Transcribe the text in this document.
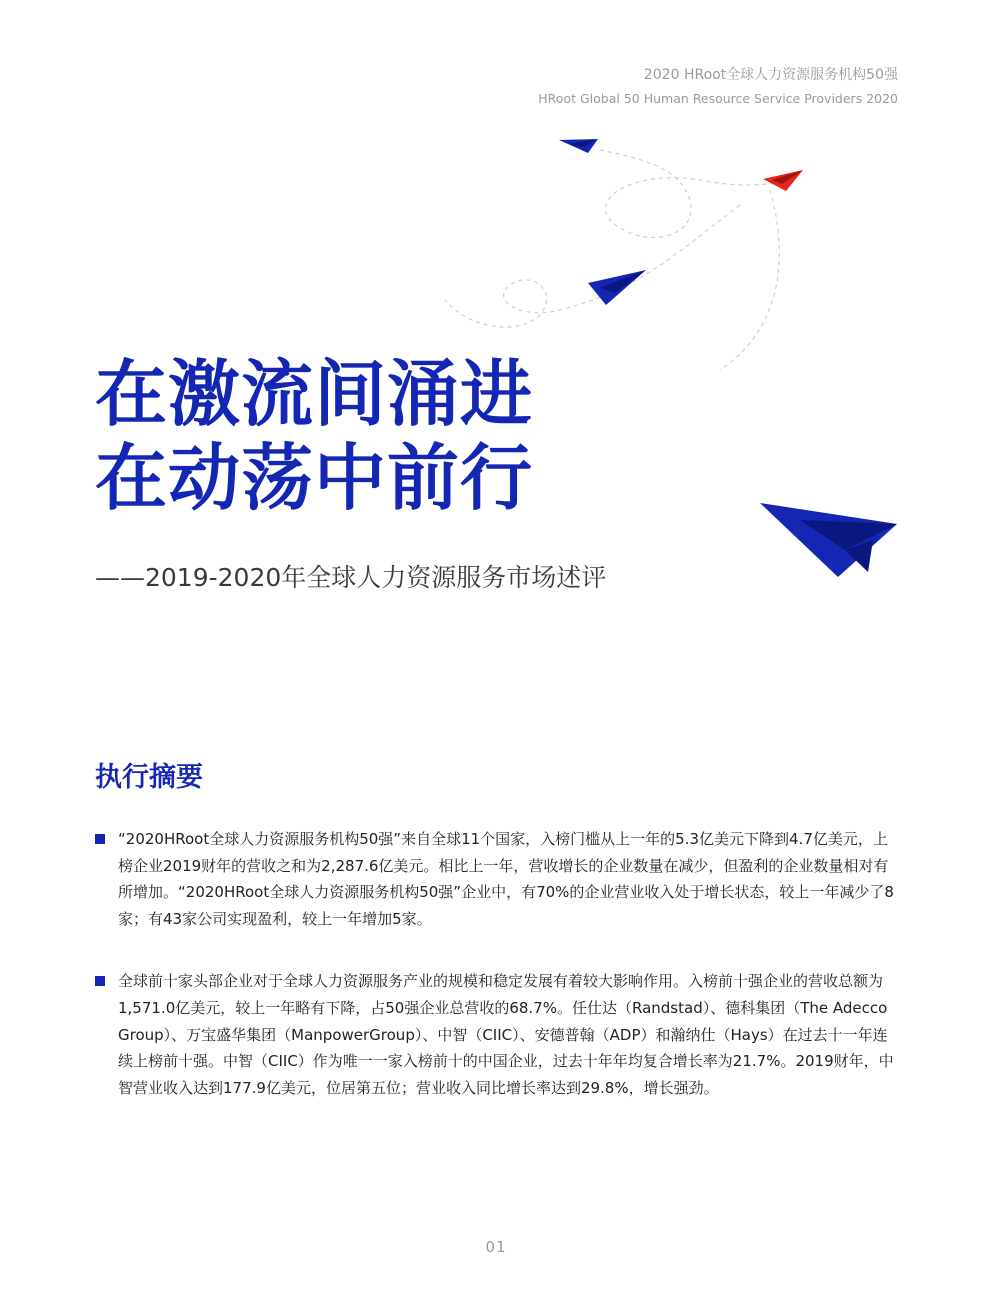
2020 HRoot全球人力资源服务机构50强
HRoot Global 50 Human Resource Service Providers 2020
在激流间涌进
在动荡中前行
——2019-2020年全球人力资源服务市场述评
执行摘要
“2020HRoot全球人力资源服务机构50强”来自全球11个国家，入榜门槛从上一年的5.3亿美元下降到4.7亿美元，上榜企业2019财年的营收之和为2,287.6亿美元。相比上一年，营收增长的企业数量在减少，但盈利的企业数量相对有所增加。“2020HRoot全球人力资源服务机构50强”企业中，有70%的企业营业收入处于增长状态，较上一年减少了8家；有43家公司实现盈利，较上一年增加5家。
全球前十家头部企业对于全球人力资源服务产业的规模和稳定发展有着较大影响作用。入榜前十强企业的营收总额为1,571.0亿美元，较上一年略有下降，占50强企业总营收的68.7%。任仕达（Randstad）、德科集团（The Adecco Group）、万宝盛华集团（ManpowerGroup）、中智（CIIC）、安德普翰（ADP）和瀚纳仕（Hays）在过去十一年连续上榜前十强。中智（CIIC）作为唯一一家入榜前十的中国企业，过去十年年均复合增长率为21.7%。2019财年，中智营业收入达到177.9亿美元，位居第五位；营业收入同比增长率达到29.8%，增长强劲。
01
